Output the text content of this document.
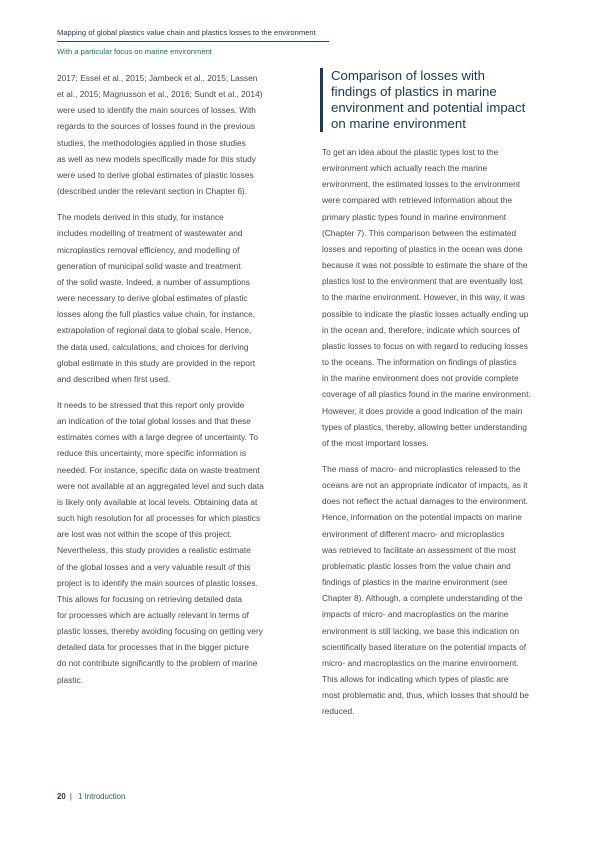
Mapping of global plastics value chain and plastics losses to the environment
With a particular focus on marine environment

2017; Essel et al., 2015; Jambeck et al., 2015; Lassen
et al., 2015; Magnusson et al., 2016; Sundt et al., 2014)
were used to identify the main sources of losses. With
regards to the sources of losses found in the previous
studies, the methodologies applied in those studies
as well as new models specifically made for this study
were used to derive global estimates of plastic losses
(described under the relevant section in Chapter 6).

The models derived in this study, for instance
includes modelling of treatment of wastewater and
microplastics removal efficiency, and modelling of
generation of municipal solid waste and treatment
of the solid waste. Indeed, a number of assumptions
were necessary to derive global estimates of plastic
losses along the full plastics value chain, for instance,
extrapolation of regional data to global scale. Hence,
the data used, calculations, and choices for deriving
global estimate in this study are provided in the report
and described when first used.

It needs to be stressed that this report only provide
an indication of the total global losses and that these
estimates comes with a large degree of uncertainty. To
reduce this uncertainty, more specific information is
needed. For instance, specific data on waste treatment
were not available at an aggregated level and such data
is likely only available at local levels. Obtaining data at
such high resolution for all processes for which plastics
are lost was not within the scope of this project.
Nevertheless, this study provides a realistic estimate
of the global losses and a very valuable result of this
project is to identify the main sources of plastic losses.
This allows for focusing on retrieving detailed data
for processes which are actually relevant in terms of
plastic losses, thereby avoiding focusing on getting very
detailed data for processes that in the bigger picture
do not contribute significantly to the problem of marine
plastic.

Comparison of losses with
findings of plastics in marine
environment and potential impact
on marine environment

To get an idea about the plastic types lost to the
environment which actually reach the marine
environment, the estimated losses to the environment
were compared with retrieved information about the
primary plastic types found in marine environment
(Chapter 7). This comparison between the estimated
losses and reporting of plastics in the ocean was done
because it was not possible to estimate the share of the
plastics lost to the environment that are eventually lost
to the marine environment. However, in this way, it was
possible to indicate the plastic losses actually ending up
in the ocean and, therefore, indicate which sources of
plastic losses to focus on with regard to reducing losses
to the oceans. The information on findings of plastics
in the marine environment does not provide complete
coverage of all plastics found in the marine environment.
However, it does provide a good indication of the main
types of plastics, thereby, allowing better understanding
of the most important losses.

The mass of macro- and microplastics released to the
oceans are not an appropriate indicator of impacts, as it
does not reflect the actual damages to the environment.
Hence, information on the potential impacts on marine
environment of different macro- and microplastics
was retrieved to facilitate an assessment of the most
problematic plastic losses from the value chain and
findings of plastics in the marine environment (see
Chapter 8). Although, a complete understanding of the
impacts of micro- and macroplastics on the marine
environment is still lacking, we base this indication on
scientifically based literature on the potential impacts of
micro- and macroplastics on the marine environment.
This allows for indicating which types of plastic are
most problematic and, thus, which losses that should be
reduced.

20 | 1 Introduction
